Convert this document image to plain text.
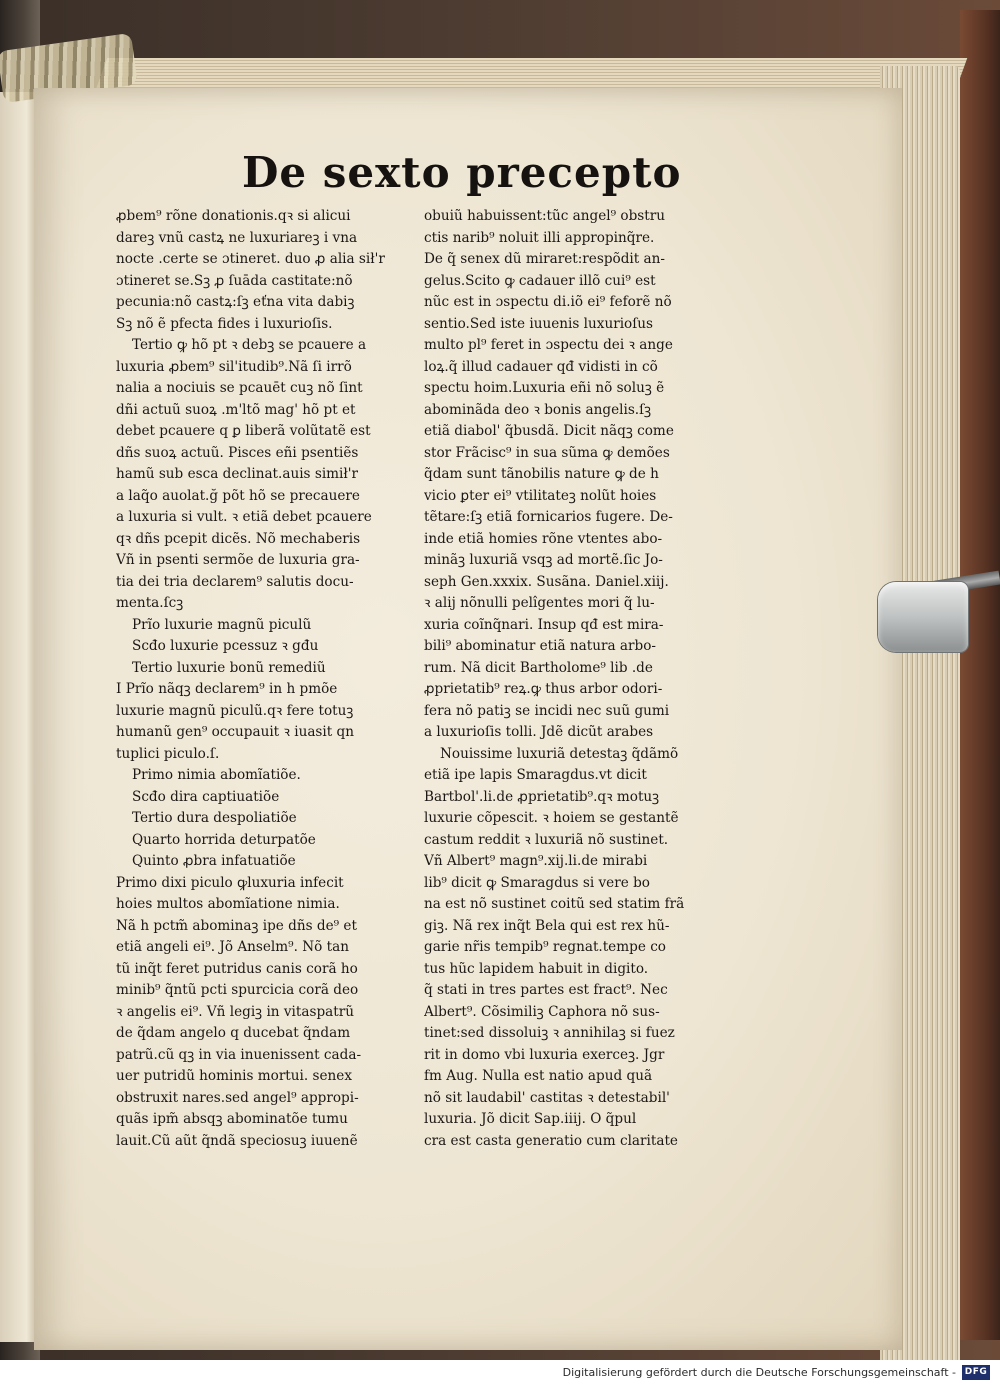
De sexto precepto
ꝓbem⁹ rõne donationis.qꝛ si alicui
dareꝫ vnũ castꝝ ne luxuriareꝫ i vna
nocte .certe se ɔtineret. duo ꝓ alia sił'r
ɔtineret se.Sꝫ ꝓ ſuāda castitate:nõ
pecunia:nõ castꝝ:ſꝫ eťna vita dabiꝫ
Sꝫ nõ ẽ pfecta fides i luxurioſis.
Tertio ꝙ hõ pt ꝛ debꝫ se pcauere a
luxuria ꝓbem⁹ sil'itudib⁹.Nã ſi irrõ
nalia a nociuis se pcauēt cuꝫ nõ ſint
dñi actuũ suoꝝ .m'ltõ mag' hõ pt et
debet pcauere q ꝑ liberã volũtatẽ est
dñs suoꝝ actuũ. Pisces eñi psentiẽs
hamũ sub esca declinat.auis simił'r
a laq̃o auolat.ğ põt hõ se precauere
a luxuria si vult. ꝛ etiã debet pcauere
qꝛ dñs pcepit dicẽs. Nõ mechaberis
Vñ in psenti sermõe de luxuria gra‑
tia dei tria declarem⁹ salutis docu‑
menta.ſcꝫ
Prĩo luxurie magnũ piculũ
Scđo luxurie pcessuz ꝛ gđu
Tertio luxurie bonũ remediũ
I Prĩo nãqꝫ declarem⁹ in h pmõe
luxurie magnũ piculũ.qꝛ fere totuꝫ
humanũ gen⁹ occupauit ꝛ iuasit qn
tuplici piculo.ſ.
Primo nimia abomĩatiõe.
Scđo dira captiuatiõe
Tertio dura despoliatiõe
Quarto horrida deturpatõe
Quinto ꝓbra infatuatiõe
Primo dixi piculo ꝙluxuria infecit
hoies multos abomĩatione nimia.
Nã h pctm̃ abominaꝫ ipe dñs de⁹ et
etiã angeli ei⁹. Jõ Anselm⁹. Nõ tan
tũ inq̃t feret putridus canis corã ho
minib⁹ q̃ntũ pcti spurcicia corã deo
ꝛ angelis ei⁹. Vñ legiꝫ in vitaspatrũ
de q̃dam angelo q ducebat q̃ndam
patrũ.cũ qꝫ in via inuenissent cada‑
uer putridũ hominis mortui. senex
obstruxit nares.sed angel⁹ appropi‑
quãs ipm̃ absqꝫ abominatõe tumu
lauit.Cũ aũt q̃ndã speciosuꝫ iuuenẽ
obuiũ habuissent:tũc angel⁹ obstru
ctis narib⁹ noluit illi appropinq̃re.
De q̃ senex dũ miraret:respõdit an‑
gelus.Scito ꝙ cadauer illõ cui⁹ est
nũc est in ɔspectu di.iõ ei⁹ feforẽ nõ
sentio.Sed iste iuuenis luxurioſus
multo pl⁹ feret in ɔspectu dei ꝛ ange
loꝝ.q̃ illud cadauer qđ vidisti in cõ
spectu hoim.Luxuria eñi nõ soluꝫ ẽ
abominãda deo ꝛ bonis angelis.ſꝫ
etiã diabol' q̃busdã. Dicit nãqꝫ come
stor Frãcisc⁹ in sua sũma ꝙ demões
q̃dam sunt tãnobilis nature ꝙ de h
vicio ꝑter ei⁹ vtilitateꝫ nolũt hoies
tẽtare:ſꝫ etiã fornicarios fugere. De‑
inde etiã homies rõne vtentes abo‑
minãꝫ luxuriã vsqꝫ ad mortẽ.ſic Jo‑
seph Gen.xxxix. Susãna. Daniel.xiij.
ꝛ alij nõnulli pelîgentes mori q̃ lu‑
xuria coĩnq̃nari. Insup qđ est mira‑
bili⁹ abominatur etiã natura arbo‑
rum. Nã dicit Bartholome⁹ lib .de
ꝓprietatib⁹ reꝝ.ꝙ thus arbor odori‑
fera nõ patiꝫ se incidi nec suũ gumi
a luxurioſis tolli. Jdẽ dicũt arabes
Nouissime luxuriã detestaꝫ q̃dãmõ
etiã ipe lapis Smaragdus.vt dicit
Bartbol'.li.de ꝓprietatib⁹.qꝛ motuꝫ
luxurie cõpescit. ꝛ hoiem se gestantẽ
castum reddit ꝛ luxuriã nõ sustinet.
Vñ Albert⁹ magn⁹.xij.li.de mirabi
lib⁹ dicit ꝙ Smaragdus si vere bo
na est nõ sustinet coitũ sed statim frã
giꝫ. Nã rex inq̃t Bela qui est rex hũ‑
garie nr̃is tempib⁹ regnat.tempe co
tus hũc lapidem habuit in digito.
q̃ stati in tres partes est fract⁹. Nec
Albert⁹. Cõsimiliꝫ Caphora nõ sus‑
tinet:sed dissoluiꝫ ꝛ annihilaꝫ si fuez
rit in domo vbi luxuria exerceꝫ. Jgr
fm Aug. Nulla est natio apud quã
nõ sit laudabil' castitas ꝛ detestabil'
luxuria. Jõ dicit Sap.iiij. O q̃pul
cra est casta generatio cum claritate
Digitalisierung gefördert durch die Deutsche Forschungsgemeinschaft - DFG
